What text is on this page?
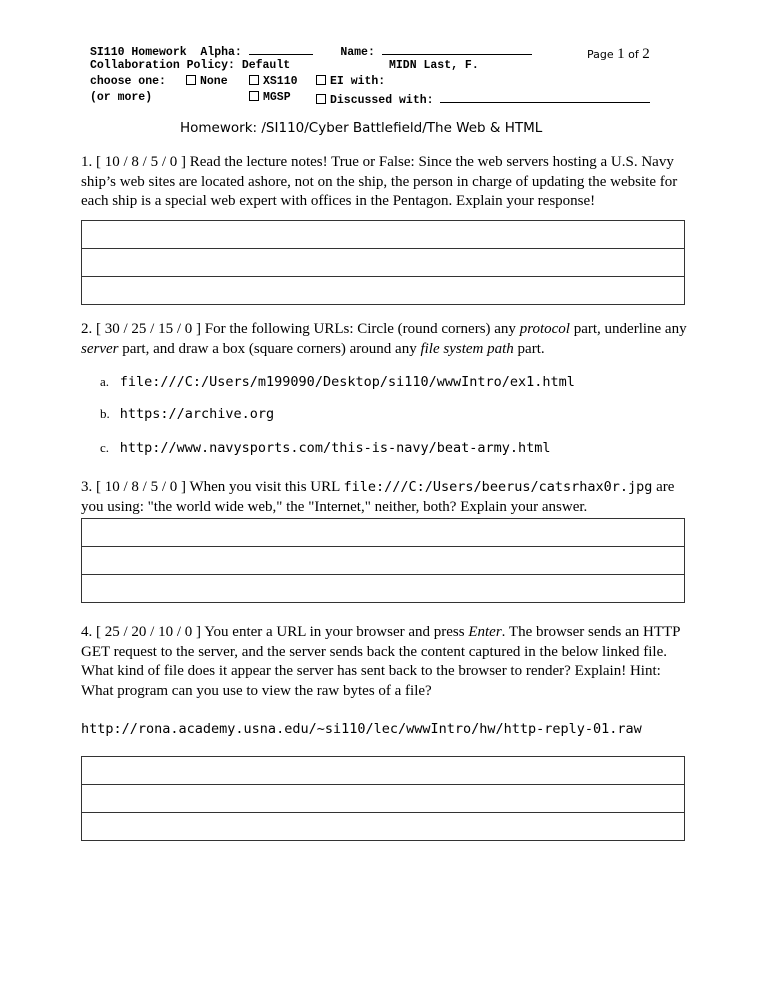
SI110 Homework  Alpha:	Name:
Collaboration Policy: Default	MIDN Last, F.
choose one:
(or more)
None	XS110	EI with:
MGSP	Discussed with:
Page 1 of 2
Homework: /SI110/Cyber Battlefield/The Web & HTML
1. [ 10 / 8 / 5 / 0 ] Read the lecture notes! True or False: Since the web servers hosting a U.S. Navy ship’s web sites are located ashore, not on the ship, the person in charge of updating the website for each ship is a special web expert with offices in the Pentagon. Explain your response!
2. [ 30 / 25 / 15 / 0 ] For the following URLs: Circle (round corners) any protocol part, underline any server part, and draw a box (square corners) around any file system path part.
a. file:///C:/Users/m199090/Desktop/si110/wwwIntro/ex1.html
b. https://archive.org
c. http://www.navysports.com/this-is-navy/beat-army.html
3. [ 10 / 8 / 5 / 0 ] When you visit this URL file:///C:/Users/beerus/catsrhax0r.jpg are you using: "the world wide web," the "Internet," neither, both? Explain your answer.
4. [ 25 / 20 / 10 / 0 ] You enter a URL in your browser and press Enter. The browser sends an HTTP GET request to the server, and the server sends back the content captured in the below linked file. What kind of file does it appear the server has sent back to the browser to render? Explain! Hint: What program can you use to view the raw bytes of a file?
http://rona.academy.usna.edu/~si110/lec/wwwIntro/hw/http-reply-01.raw
